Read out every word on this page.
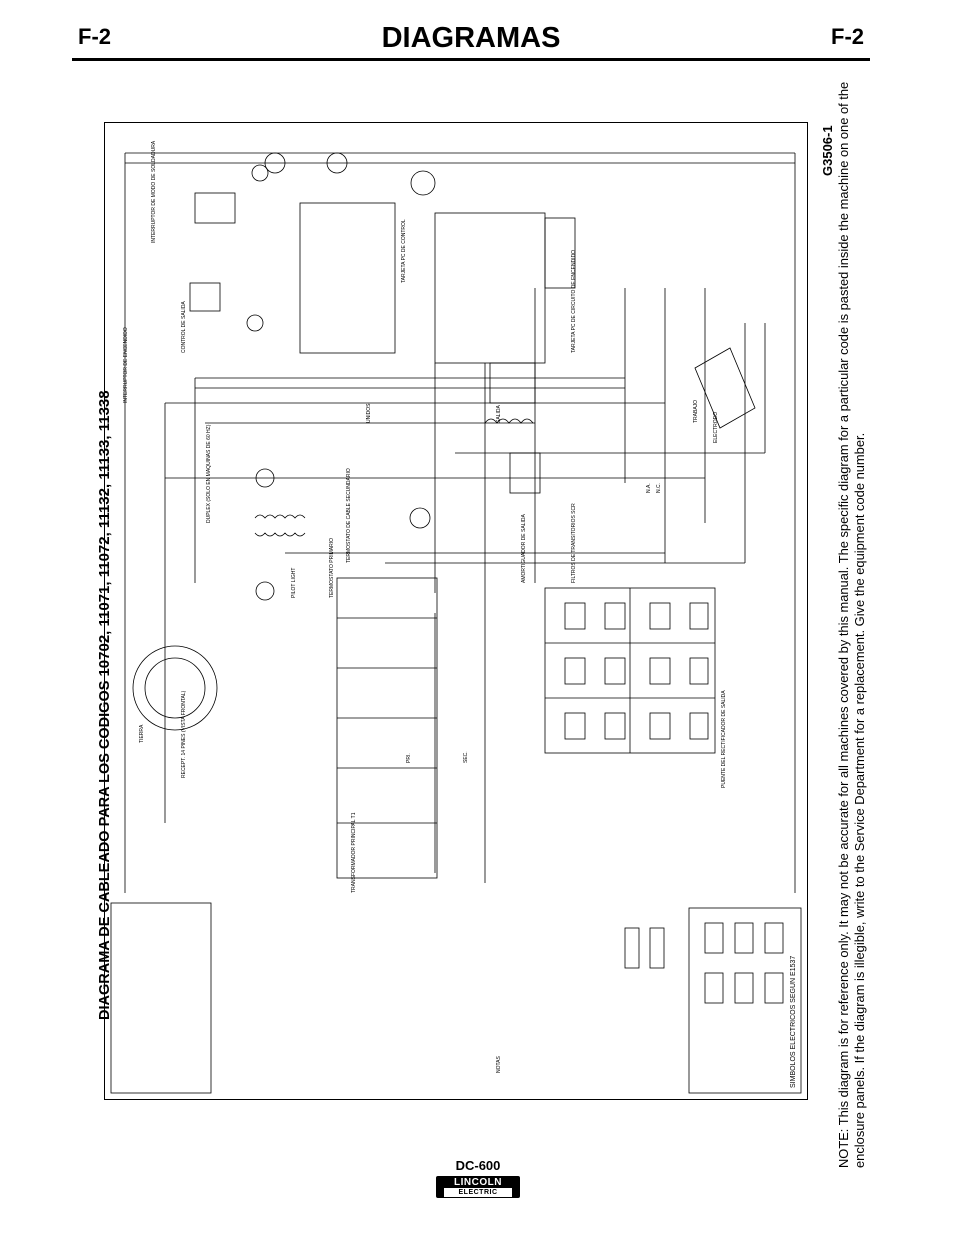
F-2	DIAGRAMAS	F-2
DIAGRAMA DE CABLEADO PARA LOS CODIGOS 10702, 11071, 11072, 11132, 11133, 11338
TRANSFORMADOR PRINCIPAL T1
AMORTIGUADOR DE SALIDA	FILTROS DE TRANSITORIOS SCR
PUENTE DEL RECTIFICADOR DE SALIDA
TARJETA PC DE CONTROL	TARJETA PC DE CIRCUITO DE ENCENDIDO
TRABAJO
ELECTRODO
PILOT LIGHT	TERMOSTATO PRIMARIO
TERMOSTATO DE CABLE SECUNDARIO
DUPLEX (SOLO EN MAQUINAS DE 60 HZ)
RECEPT. 14 PINES (VISTA FRONTAL)
TIERRA
UNIDOS	SALIDA
INTERRUPTOR DE ENCENDIDO
INTERRUPTOR DE MODO DE SOLDADURA
CONTROL DE SALIDA
N.A. N.C.
NOTAS
SEC.
PRI.
G3506-1
SIMBOLOS ELECTRICOS SEGUN E1537	NOTE: This diagram is for reference only. It may not be accurate for all machines covered by this manual. The specific diagram for a particular code is pasted inside the machine on one of the enclosure panels. If the diagram is illegible, write to the Service Department for a replacement. Give the equipment code number.
DC-600
LINCOLN
ELECTRIC
